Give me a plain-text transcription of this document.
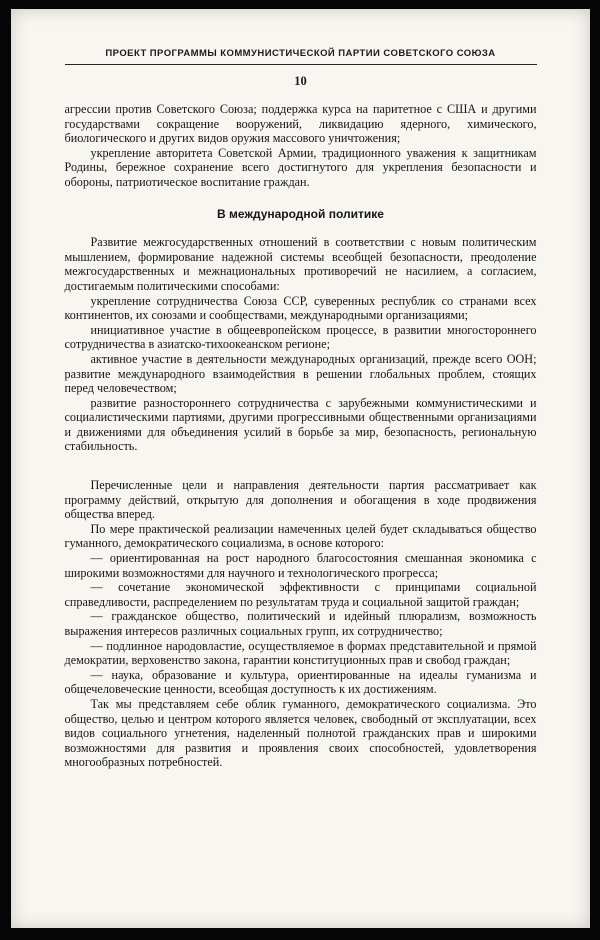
ПРОЕКТ ПРОГРАММЫ КОММУНИСТИЧЕСКОЙ ПАРТИИ СОВЕТСКОГО СОЮЗА
10

агрессии против Советского Союза; поддержка курса на паритетное с США и другими государствами сокращение вооружений, ликвидацию ядерного, химического, биологического и других видов оружия массового уничтожения;

укрепление авторитета Советской Армии, традиционного уважения к защитникам Родины, бережное сохранение всего достигнутого для укрепления безопасности и обороны, патриотическое воспитание граждан.

В международной политике

Развитие межгосударственных отношений в соответствии с новым политическим мышлением, формирование надежной системы всеобщей безопасности, преодоление межгосударственных и межнациональных противоречий не насилием, а согласием, достигаемым политическими способами:

укрепление сотрудничества Союза ССР, суверенных республик со странами всех континентов, их союзами и сообществами, международными организациями;

инициативное участие в общеевропейском процессе, в развитии многостороннего сотрудничества в азиатско-тихоокеанском регионе;

активное участие в деятельности международных организаций, прежде всего ООН; развитие международного взаимодействия в решении глобальных проблем, стоящих перед человечеством;

развитие разностороннего сотрудничества с зарубежными коммунистическими и социалистическими партиями, другими прогрессивными общественными организациями и движениями для объединения усилий в борьбе за мир, безопасность, региональную стабильность.

Перечисленные цели и направления деятельности партия рассматривает как программу действий, открытую для дополнения и обогащения в ходе продвижения общества вперед.

По мере практической реализации намеченных целей будет складываться общество гуманного, демократического социализма, в основе которого:

— ориентированная на рост народного благосостояния смешанная экономика с широкими возможностями для научного и технологического прогресса;

— сочетание экономической эффективности с принципами социальной справедливости, распределением по результатам труда и социальной защитой граждан;

— гражданское общество, политический и идейный плюрализм, возможность выражения интересов различных социальных групп, их сотрудничество;

— подлинное народовластие, осуществляемое в формах представительной и прямой демократии, верховенство закона, гарантии конституционных прав и свобод граждан;

— наука, образование и культура, ориентированные на идеалы гуманизма и общечеловеческие ценности, всеобщая доступность к их достижениям.

Так мы представляем себе облик гуманного, демократического социализма. Это общество, целью и центром которого является человек, свободный от эксплуатации, всех видов социального угнетения, наделенный полнотой гражданских прав и широкими возможностями для развития и проявления своих способностей, удовлетворения многообразных потребностей.
